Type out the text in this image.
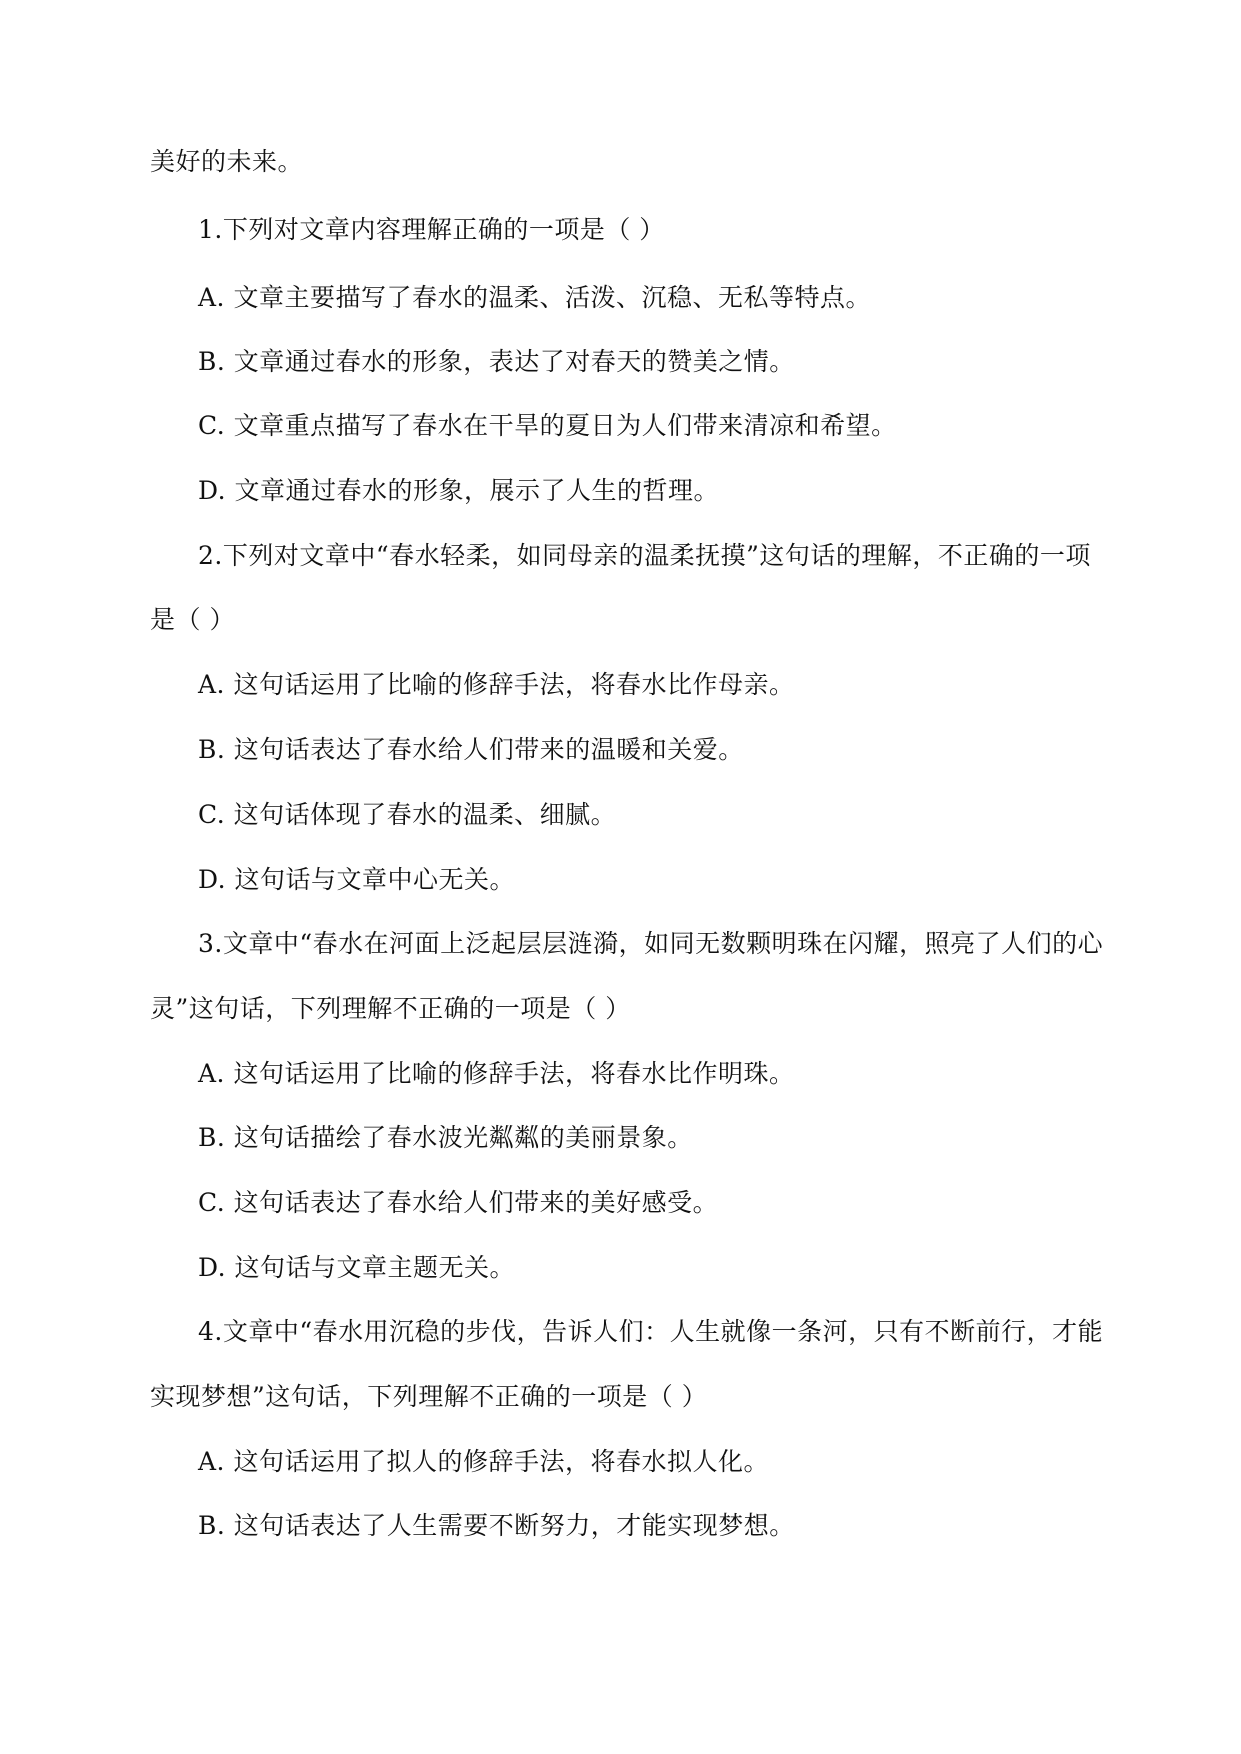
美好的未来。
1.下列对文章内容理解正确的一项是（ ）
A. 文章主要描写了春水的温柔、活泼、沉稳、无私等特点。
B. 文章通过春水的形象，表达了对春天的赞美之情。
C. 文章重点描写了春水在干旱的夏日为人们带来清凉和希望。
D. 文章通过春水的形象，展示了人生的哲理。
2.下列对文章中“春水轻柔，如同母亲的温柔抚摸”这句话的理解，不正确的一项
是（ ）
A. 这句话运用了比喻的修辞手法，将春水比作母亲。
B. 这句话表达了春水给人们带来的温暖和关爱。
C. 这句话体现了春水的温柔、细腻。
D. 这句话与文章中心无关。
3.文章中“春水在河面上泛起层层涟漪，如同无数颗明珠在闪耀，照亮了人们的心
灵”这句话，下列理解不正确的一项是（ ）
A. 这句话运用了比喻的修辞手法，将春水比作明珠。
B. 这句话描绘了春水波光粼粼的美丽景象。
C. 这句话表达了春水给人们带来的美好感受。
D. 这句话与文章主题无关。
4.文章中“春水用沉稳的步伐，告诉人们：人生就像一条河，只有不断前行，才能
实现梦想”这句话，下列理解不正确的一项是（ ）
A. 这句话运用了拟人的修辞手法，将春水拟人化。
B. 这句话表达了人生需要不断努力，才能实现梦想。
